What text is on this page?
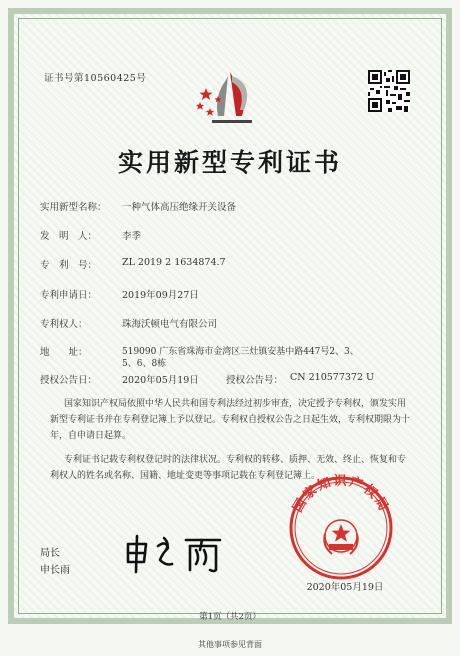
证书号第10560425号
实用新型专利证书
实用新型名称： 一种气体高压绝缘开关设备
发　明　人：	李季
专　利　号：	ZL 2019 2 1634874.7
专利申请日：	2019年09月27日
专利权人：	珠海沃顿电气有限公司
地　　址：	519090 广东省珠海市金湾区三灶镇安基中路447号2、3、
5、6、8栋
授权公告日：	2020年05月19日	授权公告号： CN 210577372 U
国家知识产权局依照中华人民共和国专利法经过初步审查，决定授予专利权，颁发实用新型专利证书并在专利登记簿上予以登记。专利权自授权公告之日起生效，专利权期限为十年，自申请日起算。
专利证书记载专利权登记时的法律状况。专利权的转移、质押、无效、终止、恢复和专利权人的姓名或名称、国籍、地址变更等事项记载在专利登记簿上。
局长
申长雨
国家知识产权局
2020年05月19日
第1页（共2页）
其他事项参见背面
